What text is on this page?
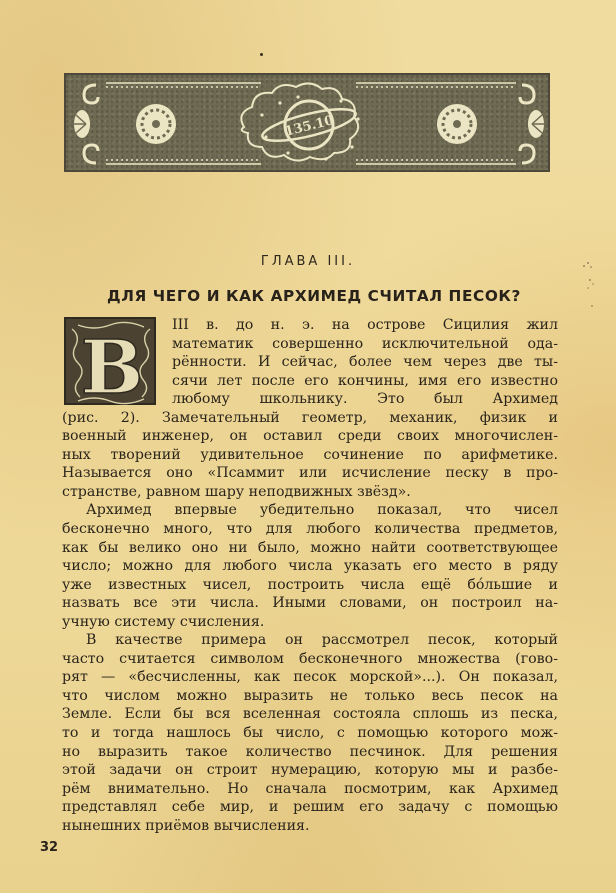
135.10
ГЛАВА III.
ДЛЯ ЧЕГО И КАК АРХИМЕД СЧИТАЛ ПЕСОК?
В	III в. до н. э. на острове Сицилия жил
математик совершенно исключительной ода-
рённости. И сейчас, более чем через две ты-
сячи лет после его кончины, имя его известно
любому школьнику. Это был Архимед
(рис. 2). Замечательный геометр, механик, физик и
военный инженер, он оставил среди своих многочислен-
ных творений удивительное сочинение по арифметике.
Называется оно «Псаммит или исчисление песку в про-
странстве, равном шару неподвижных звёзд».
Архимед впервые убедительно показал, что чисел
бесконечно много, что для любого количества предметов,
как бы велико оно ни было, можно найти соответствующее
число; можно для любого числа указать его место в ряду
уже известных чисел, построить числа ещё бóльшие и
назвать все эти числа. Иными словами, он построил на-
учную систему счисления.
В качестве примера он рассмотрел песок, который
часто считается символом бесконечного множества (гово-
рят — «бесчисленны, как песок морской»...). Он показал,
что числом можно выразить не только весь песок на
Земле. Если бы вся вселенная состояла сплошь из песка,
то и тогда нашлось бы число, с помощью которого мож-
но выразить такое количество песчинок. Для решения
этой задачи он строит нумерацию, которую мы и разбе-
рём внимательно. Но сначала посмотрим, как Архимед
представлял себе мир, и решим его задачу с помощью
нынешних приёмов вычисления.
32
